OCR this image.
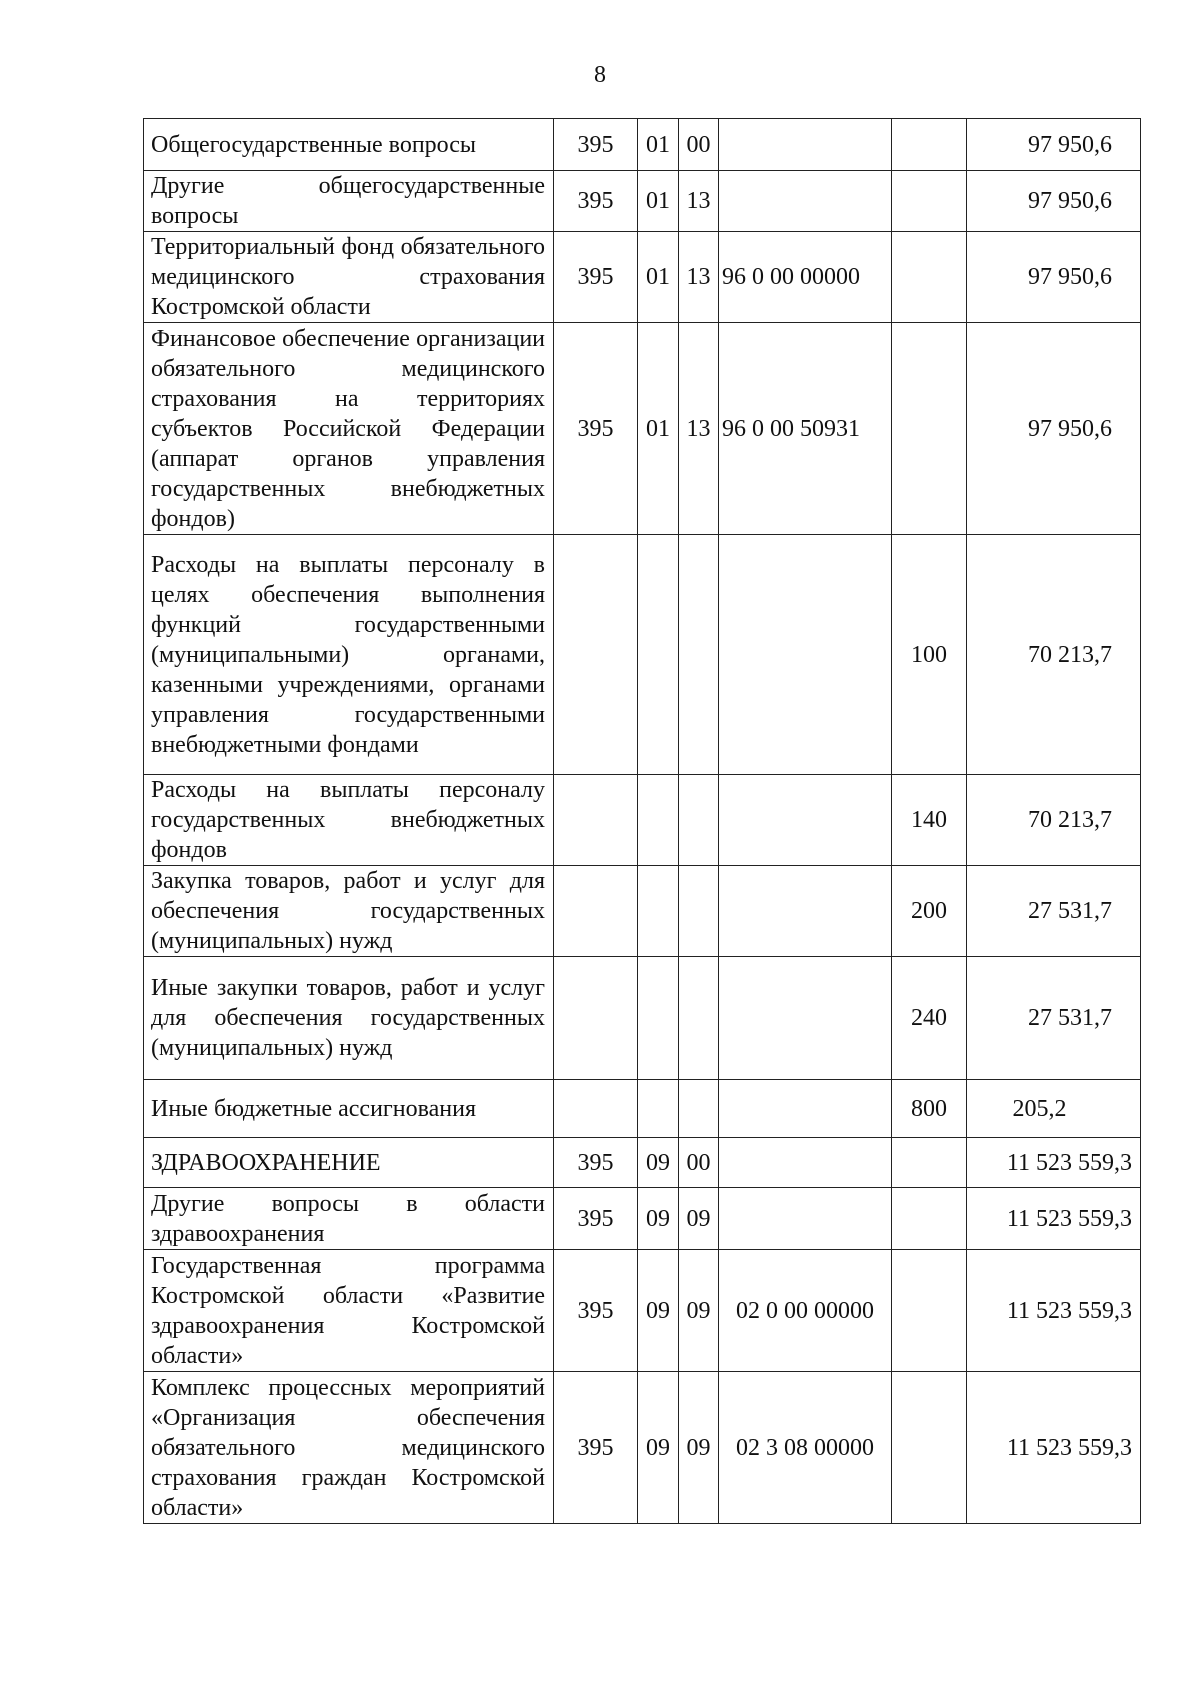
8
Общегосударственные вопросы	395	01	00			97 950,6
Другие общегосударственные вопросы	395	01	13			97 950,6
Территориальный фонд обязательного медицинского страхования Костромской области	395	01	13	96 0 00 00000		97 950,6
Финансовое обеспечение организации обязательного медицинского страхования на территориях субъектов Российской Федерации (аппарат органов управления государственных внебюджетных фондов)	395	01	13	96 0 00 50931		97 950,6
Расходы на выплаты персоналу в целях обеспечения выполнения функций государственными (муниципальными) органами, казенными учреждениями, органами управления государственными внебюджетными фондами					100	70 213,7
Расходы на выплаты персоналу государственных внебюджетных фондов					140	70 213,7
Закупка товаров, работ и услуг для обеспечения государственных (муниципальных) нужд					200	27 531,7
Иные закупки товаров, работ и услуг для обеспечения государственных (муниципальных) нужд					240	27 531,7
Иные бюджетные ассигнования					800	205,2
ЗДРАВООХРАНЕНИЕ	395	09	00			11 523 559,3
Другие вопросы в области здравоохранения	395	09	09			11 523 559,3
Государственная программа Костромской области «Развитие здравоохранения Костромской области»	395	09	09	02 0 00 00000		11 523 559,3
Комплекс процессных мероприятий «Организация обеспечения обязательного медицинского страхования граждан Костромской области»	395	09	09	02 3 08 00000		11 523 559,3
